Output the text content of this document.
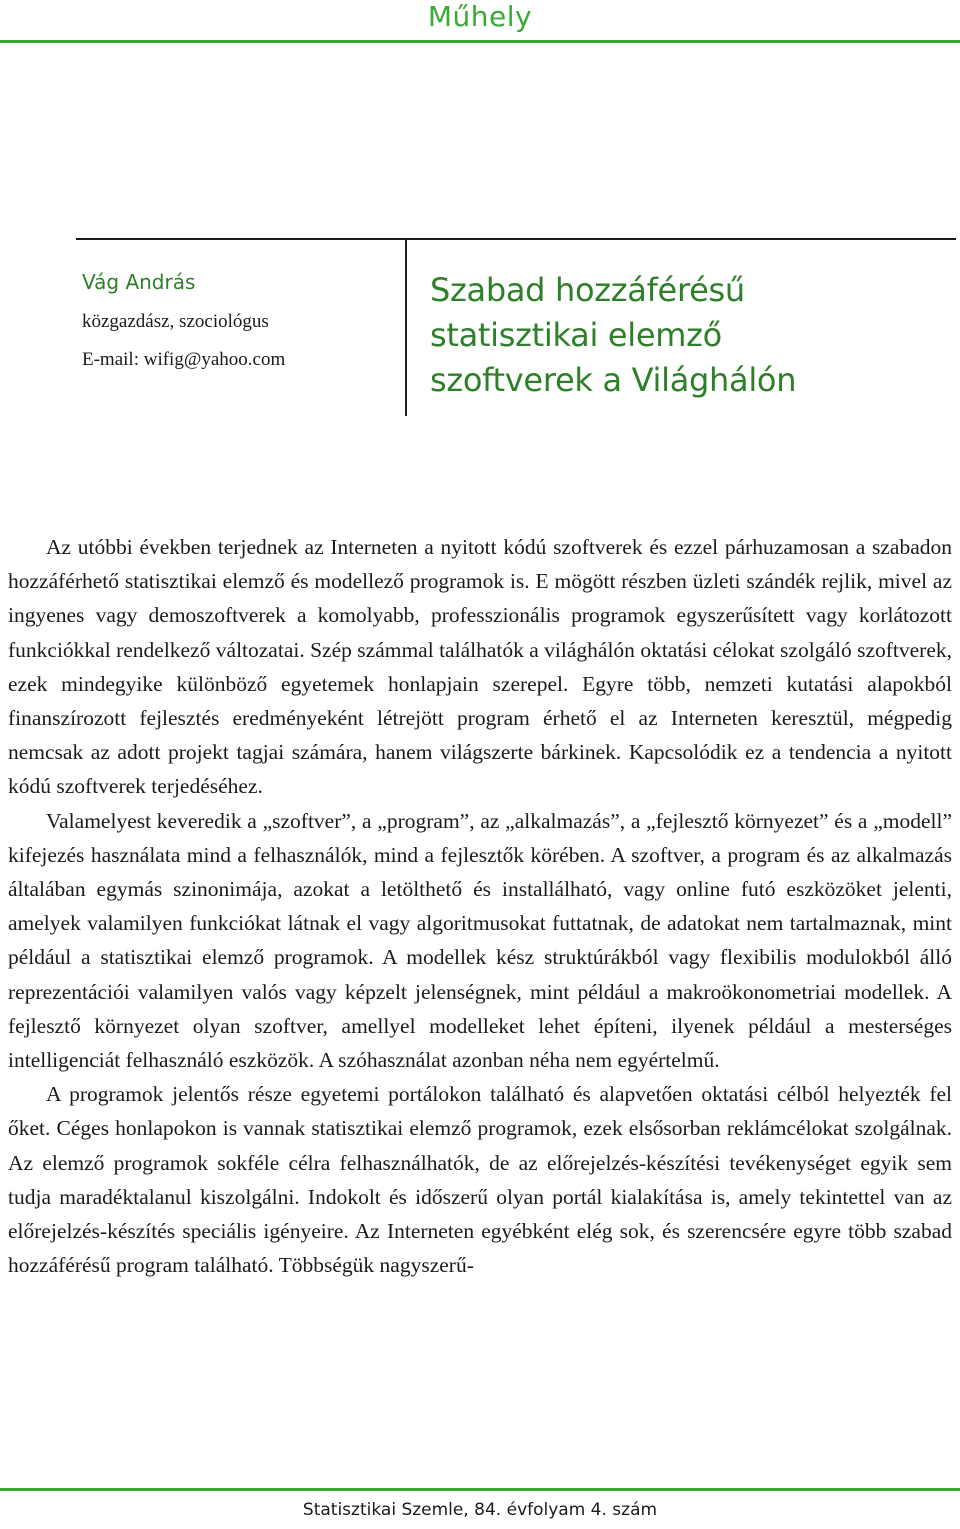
Műhely
Vág András
közgazdász, szociológus
E-mail: wifig@yahoo.com
Szabad hozzáférésű
statisztikai elemző
szoftverek a Világhálón

Az utóbbi években terjednek az Interneten a nyitott kódú szoftverek és ezzel párhuzamosan a szabadon hozzáférhető statisztikai elemző és modellező programok is. E mögött részben üzleti szándék rejlik, mivel az ingyenes vagy demoszoftverek a komolyabb, professzionális programok egyszerűsített vagy korlátozott funkciókkal rendelkező változatai. Szép számmal találhatók a világhálón oktatási célokat szolgáló szoftverek, ezek mindegyike különböző egyetemek honlapjain szerepel. Egyre több, nemzeti kutatási alapokból finanszírozott fejlesztés eredményeként létrejött program érhető el az Interneten keresztül, mégpedig nemcsak az adott projekt tagjai számára, hanem világszerte bárkinek. Kapcsolódik ez a tendencia a nyitott kódú szoftverek terjedéséhez.

Valamelyest keveredik a „szoftver”, a „program”, az „alkalmazás”, a „fejlesztő környezet” és a „modell” kifejezés használata mind a felhasználók, mind a fejlesztők körében. A szoftver, a program és az alkalmazás általában egymás szinonimája, azokat a letölthető és installálható, vagy online futó eszközöket jelenti, amelyek valamilyen funkciókat látnak el vagy algoritmusokat futtatnak, de adatokat nem tartalmaznak, mint például a statisztikai elemző programok. A modellek kész struktúrákból vagy flexibilis modulokból álló reprezentációi valamilyen valós vagy képzelt jelenségnek, mint például a makroökonometriai modellek. A fejlesztő környezet olyan szoftver, amellyel modelleket lehet építeni, ilyenek például a mesterséges intelligenciát felhasználó eszközök. A szóhasználat azonban néha nem egyértelmű.

A programok jelentős része egyetemi portálokon található és alapvetően oktatási célból helyezték fel őket. Céges honlapokon is vannak statisztikai elemző programok, ezek elsősorban reklámcélokat szolgálnak. Az elemző programok sokféle célra felhasználhatók, de az előrejelzés-készítési tevékenységet egyik sem tudja maradéktalanul kiszolgálni. Indokolt és időszerű olyan portál kialakítása is, amely tekintettel van az előrejelzés-készítés speciális igényeire. Az Interneten egyébként elég sok, és szerencsére egyre több szabad hozzáférésű program található. Többségük nagyszerű-

Statisztikai Szemle, 84. évfolyam 4. szám
